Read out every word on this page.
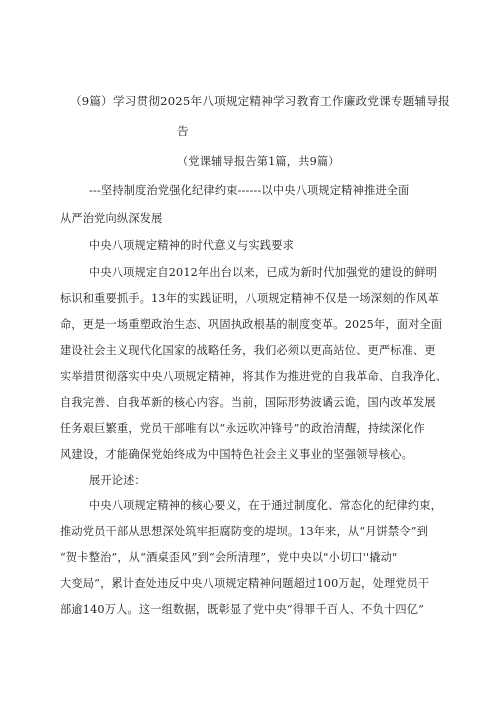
（9篇）学习贯彻2025年八项规定精神学习教育工作廉政党课专题辅导报
告
（党课辅导报告第1篇，共9篇）
---坚持制度治党强化纪律约束------以中央八项规定精神推进全面
从严治党向纵深发展
中央八项规定精神的时代意义与实践要求
中央八项规定自2012年出台以来，已成为新时代加强党的建设的鲜明
标识和重要抓手。13年的实践证明，八项规定精神不仅是一场深刻的作风革
命，更是一场重塑政治生态、巩固执政根基的制度变革。2025年，面对全面
建设社会主义现代化国家的战略任务，我们必须以更高站位、更严标准、更
实举措贯彻落实中央八项规定精神，将其作为推进党的自我革命、自我净化、
自我完善、自我革新的核心内容。当前，国际形势波谲云诡，国内改革发展
任务艰巨繁重，党员干部唯有以“永远吹冲锋号”的政治清醒，持续深化作
风建设，才能确保党始终成为中国特色社会主义事业的坚强领导核心。
展开论述：
中央八项规定精神的核心要义，在于通过制度化、常态化的纪律约束，
推动党员干部从思想深处筑牢拒腐防变的堤坝。13年来，从“月饼禁令”到
“贺卡整治”，从“酒桌歪风”到“会所清理”，党中央以"小切口''撬动"
大变局”，累计查处违反中央八项规定精神问题超过100万起，处理党员干
部逾140万人。这一组数据，既彰显了党中央“得罪千百人、不负十四亿”
